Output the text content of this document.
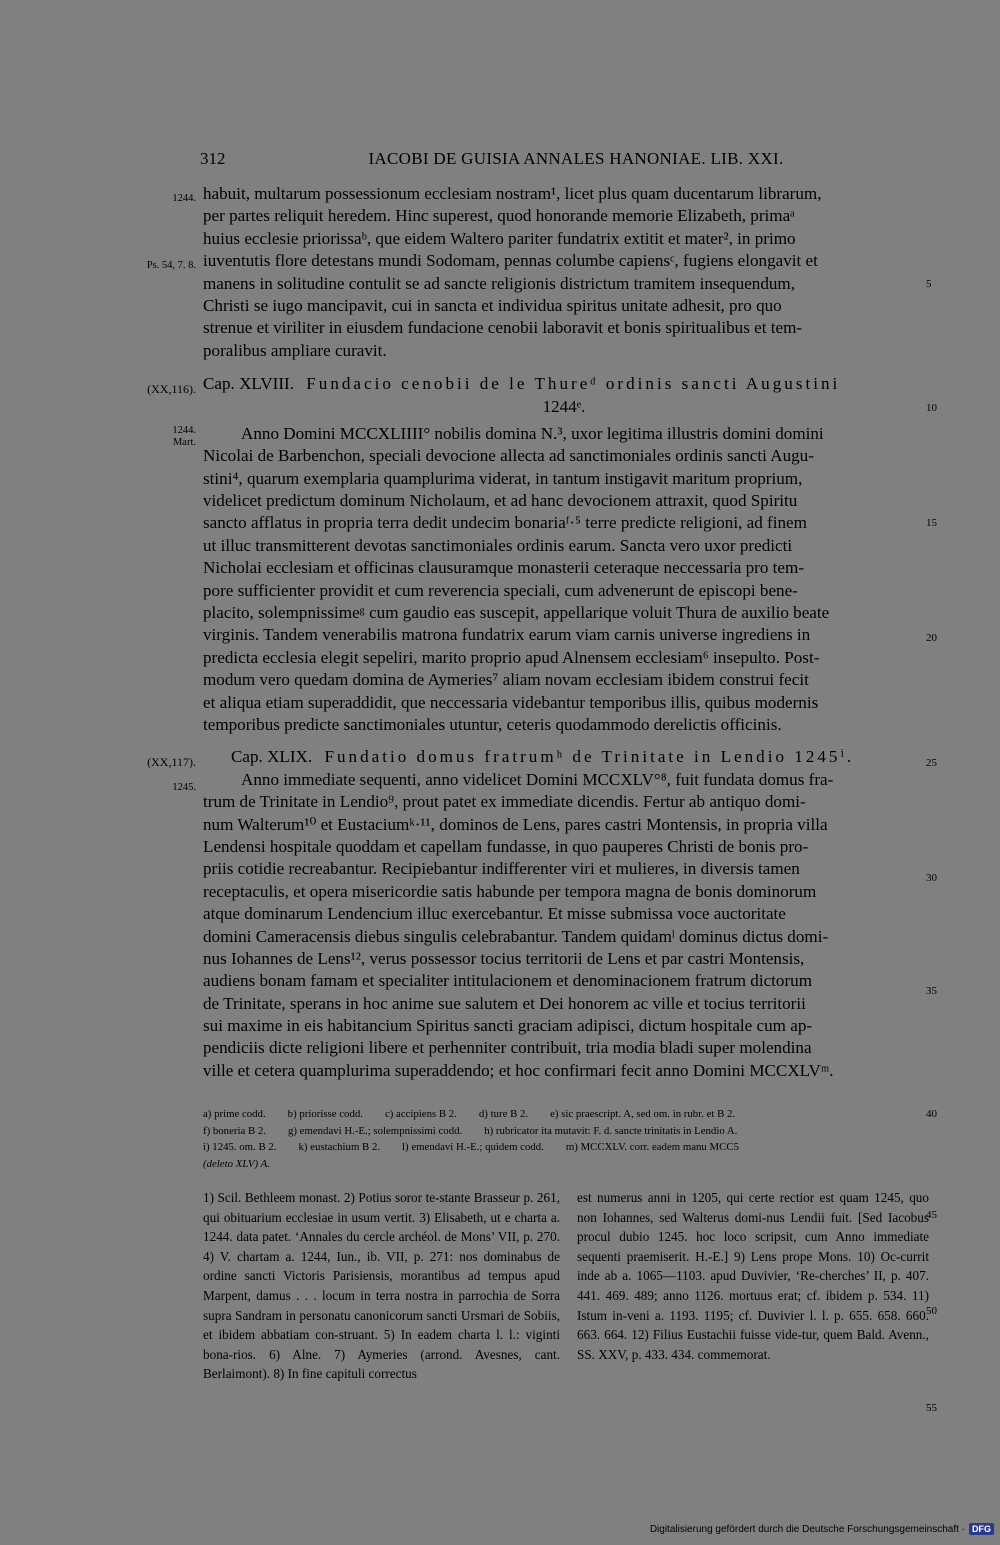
312	IACOBI DE GUISIA ANNALES HANONIAE. LIB. XXI.
1244.
Ps. 54, 7. 8.
(XX,116).
1244.
Mart.
(XX,117).
1245.
5
10
15
20
25
30
35
40
45
50
55
habuit, multarum possessionum ecclesiam nostram¹, licet plus quam ducentarum librarum,
per partes reliquit heredem. Hinc superest, quod honorande memorie Elizabeth, primaᵃ
huius ecclesie priorissaᵇ, que eidem Waltero pariter fundatrix extitit et mater², in primo
iuventutis flore detestans mundi Sodomam, pennas columbe capiensᶜ, fugiens elongavit et
manens in solitudine contulit se ad sancte religionis districtum tramitem insequendum,
Christi se iugo mancipavit, cui in sancta et individua spiritus unitate adhesit, pro quo
strenue et viriliter in eiusdem fundacione cenobii laboravit et bonis spiritualibus et tem-
poralibus ampliare curavit.
Cap. XLVIII. Fundacio cenobii de le Thureᵈ ordinis sancti Augustini
1244ᵉ.
Anno Domini MCCXLIIII° nobilis domina N.³, uxor legitima illustris domini domini
Nicolai de Barbenchon, speciali devocione allecta ad sanctimoniales ordinis sancti Augu-
stini⁴, quarum exemplaria quamplurima viderat, in tantum instigavit maritum proprium,
videlicet predictum dominum Nicholaum, et ad hanc devocionem attraxit, quod Spiritu
sancto afflatus in propria terra dedit undecim bonariaᶠ·⁵ terre predicte religioni, ad finem
ut illuc transmitterent devotas sanctimoniales ordinis earum. Sancta vero uxor predicti
Nicholai ecclesiam et officinas clausuramque monasterii ceteraque neccessaria pro tem-
pore sufficienter providit et cum reverencia speciali, cum advenerunt de episcopi bene-
placito, solempnissimeᵍ cum gaudio eas suscepit, appellarique voluit Thura de auxilio beate
virginis. Tandem venerabilis matrona fundatrix earum viam carnis universe ingrediens in
predicta ecclesia elegit sepeliri, marito proprio apud Alnensem ecclesiam⁶ insepulto. Post-
modum vero quedam domina de Aymeries⁷ aliam novam ecclesiam ibidem construi fecit
et aliqua etiam superaddidit, que neccessaria videbantur temporibus illis, quibus modernis
temporibus predicte sanctimoniales utuntur, ceteris quodammodo derelictis officinis.
Cap. XLIX. Fundatio domus fratrumʰ de Trinitate in Lendio 1245ⁱ.
Anno immediate sequenti, anno videlicet Domini MCCXLV°⁸, fuit fundata domus fra-
trum de Trinitate in Lendio⁹, prout patet ex immediate dicendis. Fertur ab antiquo domi-
num Walterum¹⁰ et Eustaciumᵏ·¹¹, dominos de Lens, pares castri Montensis, in propria villa
Lendensi hospitale quoddam et capellam fundasse, in quo pauperes Christi de bonis pro-
priis cotidie recreabantur. Recipiebantur indifferenter viri et mulieres, in diversis tamen
receptaculis, et opera misericordie satis habunde per tempora magna de bonis dominorum
atque dominarum Lendencium illuc exercebantur. Et misse submissa voce auctoritate
domini Cameracensis diebus singulis celebrabantur. Tandem quidamˡ dominus dictus domi-
nus Iohannes de Lens¹², verus possessor tocius territorii de Lens et par castri Montensis,
audiens bonam famam et specialiter intitulacionem et denominacionem fratrum dictorum
de Trinitate, sperans in hoc anime sue salutem et Dei honorem ac ville et tocius territorii
sui maxime in eis habitancium Spiritus sancti graciam adipisci, dictum hospitale cum ap-
pendiciis dicte religioni libere et perhenniter contribuit, tria modia bladi super molendina
ville et cetera quamplurima superaddendo; et hoc confirmari fecit anno Domini MCCXLVᵐ.
a) prime codd. b) priorisse codd. c) accipiens B 2. d) ture B 2. e) sic praescript. A, sed om. in rubr. et B 2.
f) boneria B 2. g) emendavi H.-E.; solempnissimi codd. h) rubricator ita mutavit: F. d. sancte trinitatis in Lendio A.
i) 1245. om. B 2. k) eustachium B 2. l) emendavi H.-E.; quidem codd. m) MCCXLV. corr. eadem manu MCC5
(deleto XLV) A.
1) Scil. Bethleem monast. 2) Potius soror te-stante Brasseur p. 261, qui obituarium ecclesiae in usum vertit. 3) Elisabeth, ut e charta a. 1244. data patet. ‘Annales du cercle archéol. de Mons’ VII, p. 270. 4) V. chartam a. 1244, Iun., ib. VII, p. 271: nos dominabus de ordine sancti Victoris Parisiensis, morantibus ad tempus apud Marpent, damus . . . locum in terra nostra in parrochia de Sorra supra Sandram in personatu canonicorum sancti Ursmari de Sobiis, et ibidem abbatiam con-struant. 5) In eadem charta l. l.: viginti bona-rios. 6) Alne. 7) Aymeries (arrond. Avesnes, cant. Berlaimont). 8) In fine capituli correctus
est numerus anni in 1205, qui certe rectior est quam 1245, quo non Iohannes, sed Walterus domi-nus Lendii fuit. [Sed Iacobus procul dubio 1245. hoc loco scripsit, cum Anno immediate sequenti praemiserit. H.-E.] 9) Lens prope Mons. 10) Oc-currit inde ab a. 1065—1103. apud Duvivier, ‘Re-cherches’ II, p. 407. 441. 469. 489; anno 1126. mortuus erat; cf. ibidem p. 534. 11) Istum in-veni a. 1193. 1195; cf. Duvivier l. l. p. 655. 658. 660. 663. 664. 12) Filius Eustachii fuisse vide-tur, quem Bald. Avenn., SS. XXV, p. 433. 434. commemorat.
Digitalisierung gefördert durch die Deutsche Forschungsgemeinschaft · DFG
